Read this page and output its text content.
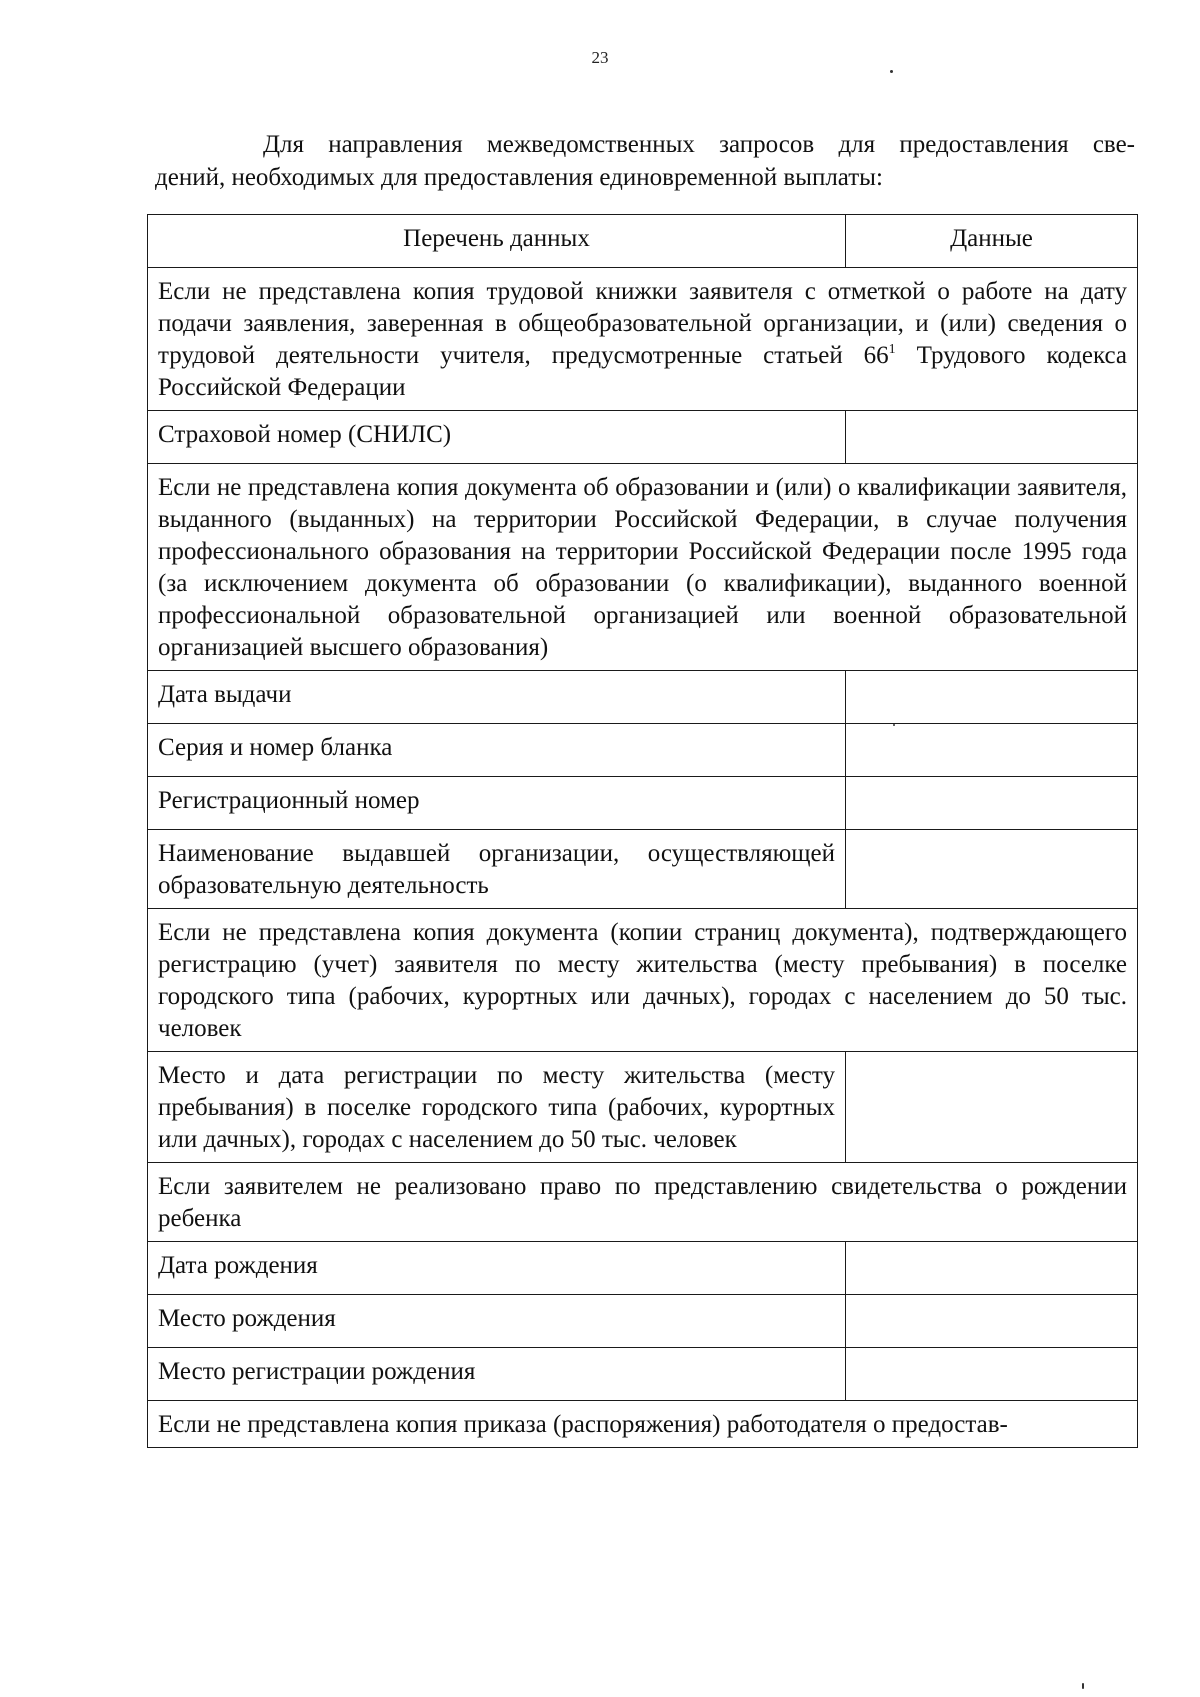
23
Для направления межведомственных запросов для предоставления све-
дений, необходимых для предоставления единовременной выплаты:
Перечень данных	Данные
Если не представлена копия трудовой книжки заявителя с отметкой о работе на дату подачи заявления, заверенная в общеобразовательной организации, и (или) сведения о трудовой деятельности учителя, предусмотренные статьей $66^1$ Трудового кодекса Российской Федерации	
Страховой номер (СНИЛС)	
Если не представлена копия документа об образовании и (или) о квалификации заявителя, выданного (выданных) на территории Российской Федерации, в случае получения профессионального образования на территории Российской Федерации после 1995 года (за исключением документа об образовании (о квалификации), выданного военной профессиональной образовательной организацией или военной образовательной организацией высшего образования)	
Дата выдачи	
Серия и номер бланка	
Регистрационный номер	
Наименование выдавшей организации, осуществляющей образовательную деятельность	
Если не представлена копия документа (копии страниц документа), подтверждающего регистрацию (учет) заявителя по месту жительства (месту пребывания) в поселке городского типа (рабочих, курортных или дачных), городах с населением до 50 тыс. человек	
Место и дата регистрации по месту жительства (месту пребывания) в поселке городского типа (рабочих, курортных или дачных), городах с населением до 50 тыс. человек	
Если заявителем не реализовано право по представлению свидетельства о рождении ребенка	
Дата рождения	
Место рождения	
Место регистрации рождения	
Если не представлена копия приказа (распоряжения) работодателя о предостав-	
